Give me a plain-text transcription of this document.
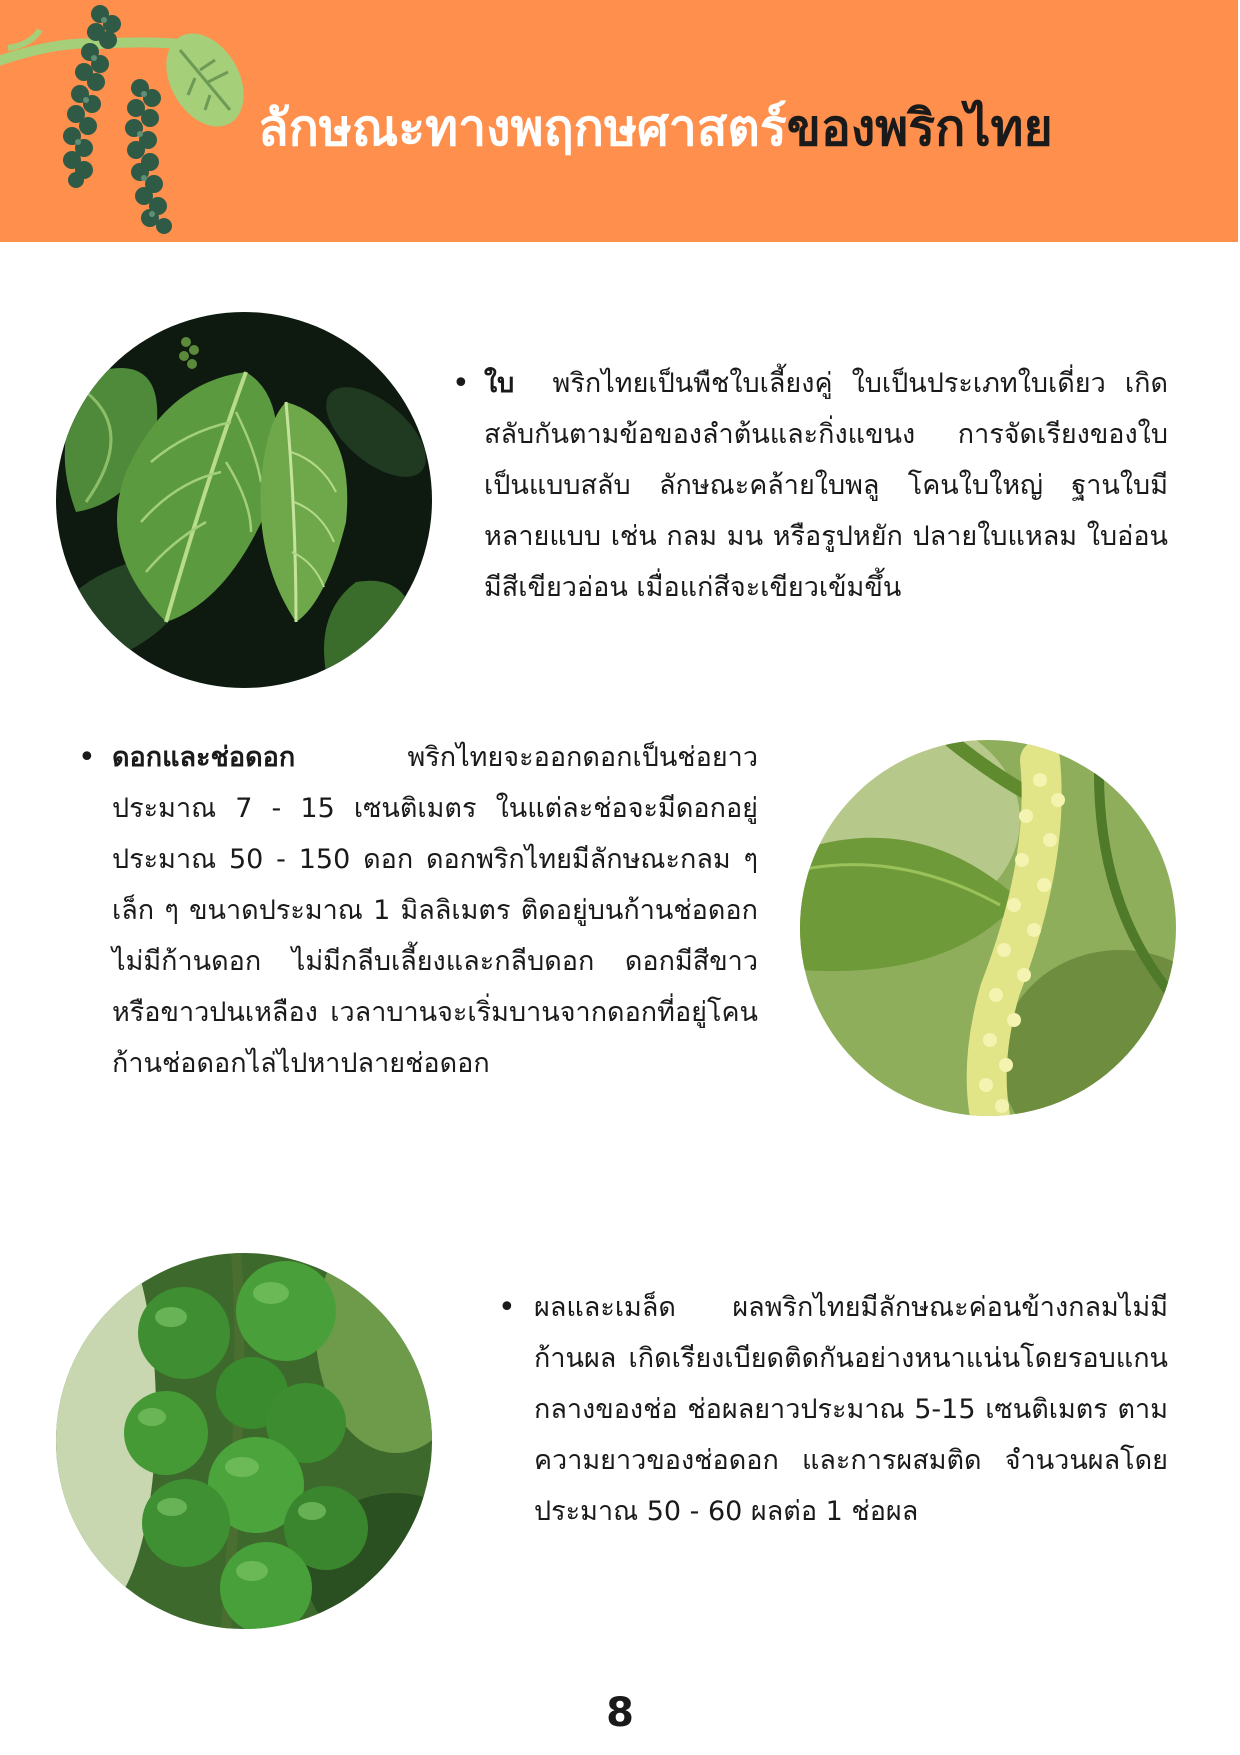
ลักษณะทางพฤกษศาสตร์ของพริกไทย
• ใบ พริกไทยเป็นพืชใบเลี้ยงคู่ ใบเป็นประเภทใบเดี่ยว เกิดสลับกันตามข้อของลำต้นและกิ่งแขนง การจัดเรียงของใบเป็นแบบสลับ ลักษณะคล้ายใบพลู โคนใบใหญ่ ฐานใบมีหลายแบบ เช่น กลม มน หรือรูปหยัก ปลายใบแหลม ใบอ่อนมีสีเขียวอ่อน เมื่อแก่สีจะเขียวเข้มขึ้น

• ดอกและช่อดอก	พริกไทยจะออกดอกเป็นช่อยาวประมาณ 7 - 15 เซนติเมตร ในแต่ละช่อจะมีดอกอยู่ประมาณ 50 - 150 ดอก ดอกพริกไทยมีลักษณะกลม ๆ เล็ก ๆ ขนาดประมาณ 1 มิลลิเมตร ติดอยู่บนก้านช่อดอก ไม่มีก้านดอก ไม่มีกลีบเลี้ยงและกลีบดอก ดอกมีสีขาวหรือขาวปนเหลือง เวลาบานจะเริ่มบานจากดอกที่อยู่โคนก้านช่อดอกไล่ไปหาปลายช่อดอก

• ผลและเมล็ด ผลพริกไทยมีลักษณะค่อนข้างกลมไม่มีก้านผล เกิดเรียงเบียดติดกันอย่างหนาแน่นโดยรอบแกนกลางของช่อ ช่อผลยาวประมาณ 5-15 เซนติเมตร ตามความยาวของช่อดอก และการผสมติด จำนวนผลโดยประมาณ 50 - 60 ผลต่อ 1 ช่อผล

8
